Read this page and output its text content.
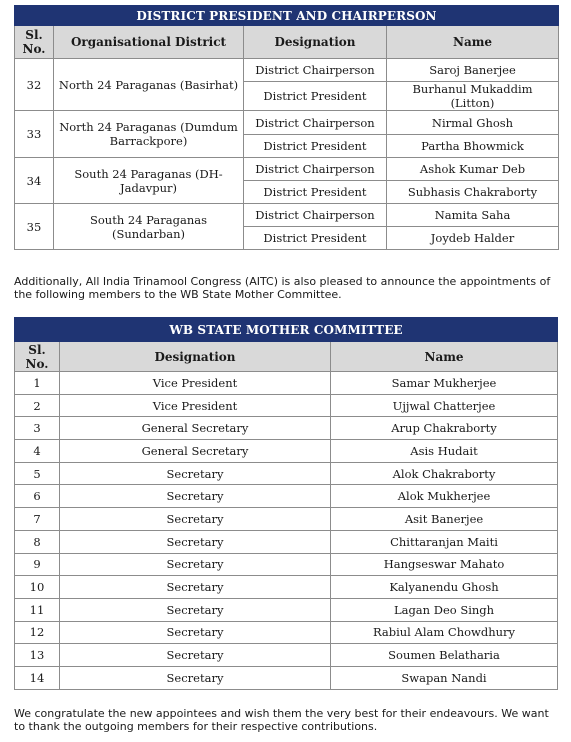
DISTRICT PRESIDENT AND CHAIRPERSON			
Sl. No.	Organisational District	Designation	Name
32	North 24 Paraganas (Basirhat)	District Chairperson	Saroj Banerjee
		District President	Burhanul Mukaddim (Litton)
33	North 24 Paraganas (Dumdum Barrackpore)	District Chairperson	Nirmal Ghosh
		District President	Partha Bhowmick
34	South 24 Paraganas (DH-Jadavpur)	District Chairperson	Ashok Kumar Deb
		District President	Subhasis Chakraborty
35	South 24 Paraganas (Sundarban)	District Chairperson	Namita Saha
		District President	Joydeb Halder

Additionally, All India Trinamool Congress (AITC) is also pleased to announce the appointments of the following members to the WB State Mother Committee.

WB STATE MOTHER COMMITTEE		
Sl. No.	Designation	Name
1	Vice President	Samar Mukherjee
2	Vice President	Ujjwal Chatterjee
3	General Secretary	Arup Chakraborty
4	General Secretary	Asis Hudait
5	Secretary	Alok Chakraborty
6	Secretary	Alok Mukherjee
7	Secretary	Asit Banerjee
8	Secretary	Chittaranjan Maiti
9	Secretary	Hangseswar Mahato
10	Secretary	Kalyanendu Ghosh
11	Secretary	Lagan Deo Singh
12	Secretary	Rabiul Alam Chowdhury
13	Secretary	Soumen Belatharia
14	Secretary	Swapan Nandi

We congratulate the new appointees and wish them the very best for their endeavours. We want to thank the outgoing members for their respective contributions.
